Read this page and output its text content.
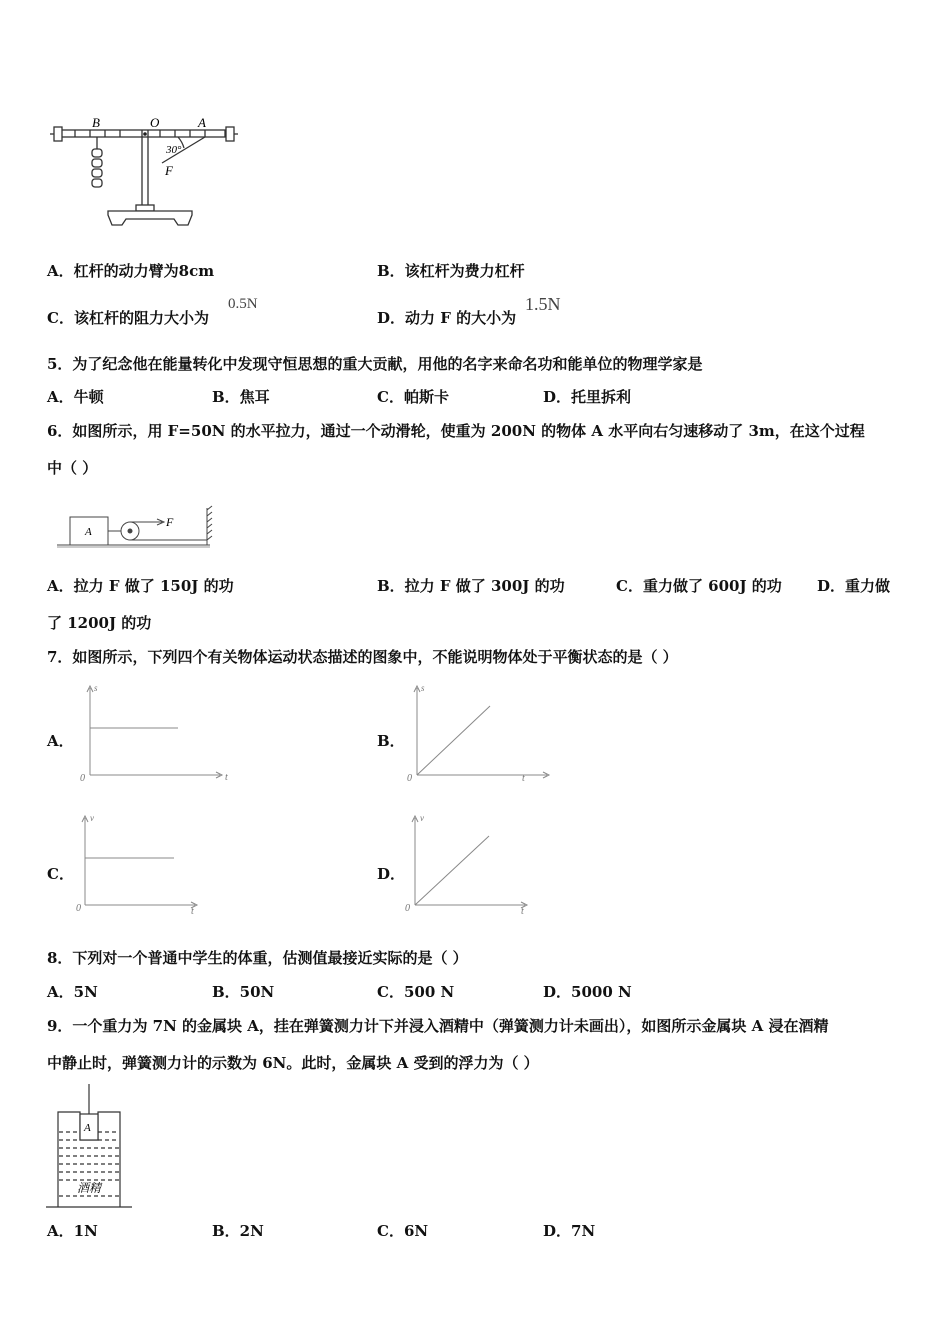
B	O	A
30°
F
A．杠杆的动力臂为8cm	B．该杠杆为费力杠杆
C．该杠杆的阻力大小为
0.5N
D．动力 F 的大小为
1.5N
5．为了纪念他在能量转化中发现守恒思想的重大贡献，用他的名字来命名功和能单位的物理学家是
A．牛顿	B．焦耳	C．帕斯卡	D．托里拆利
6．如图所示，用 F=50N 的水平拉力，通过一个动滑轮，使重为 200N 的物体 A 水平向右匀速移动了 3m，在这个过程
中（ ）
A
F
A．拉力 F 做了 150J 的功	B．拉力 F 做了 300J 的功	C．重力做了 600J 的功 D．重力做
了 1200J 的功
7．如图所示，下列四个有关物体运动状态描述的图象中，不能说明物体处于平衡状态的是（ ）
A．
s
t
0
B．
s
t
0
C．
v
t
0
D．
v
t
0
8．下列对一个普通中学生的体重，估测值最接近实际的是（ ）
A．5N	B．50N	C．500 N	D．5000 N
9．一个重力为 7N 的金属块 A，挂在弹簧测力计下并浸入酒精中（弹簧测力计未画出），如图所示金属块 A 浸在酒精
中静止时，弹簧测力计的示数为 6N。此时，金属块 A 受到的浮力为（ ）
A
酒精
A．1N	B．2N	C．6N	D．7N
